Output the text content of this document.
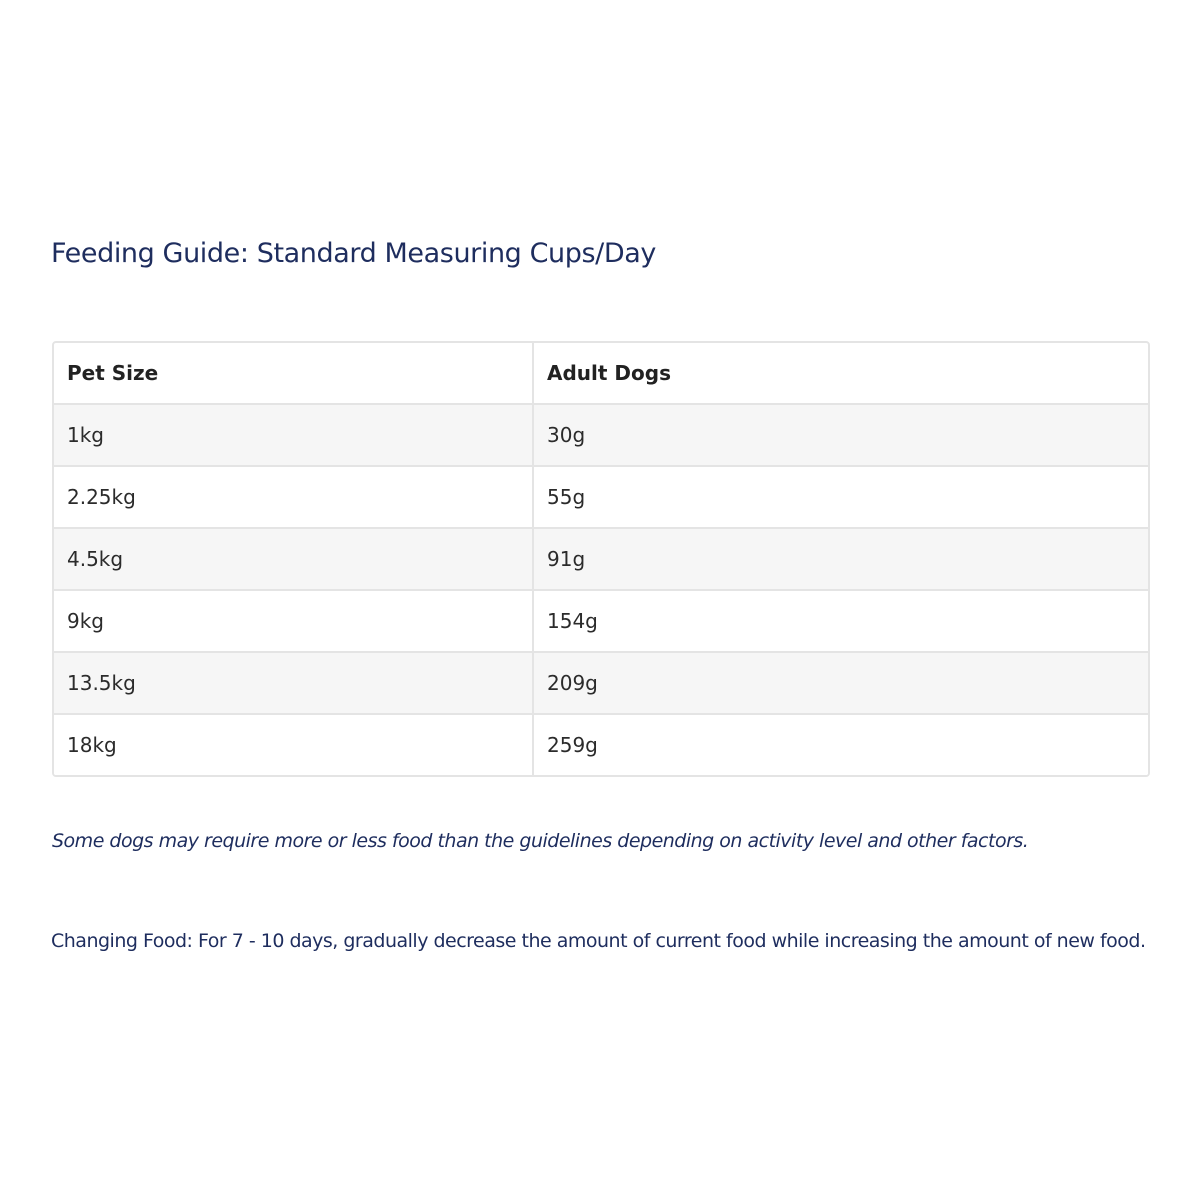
Feeding Guide: Standard Measuring Cups/Day
Pet Size	Adult Dogs
1kg	30g
2.25kg	55g
4.5kg	91g
9kg	154g
13.5kg	209g
18kg	259g

Some dogs may require more or less food than the guidelines depending on activity level and other factors.

Changing Food: For 7 - 10 days, gradually decrease the amount of current food while increasing the amount of new food.
